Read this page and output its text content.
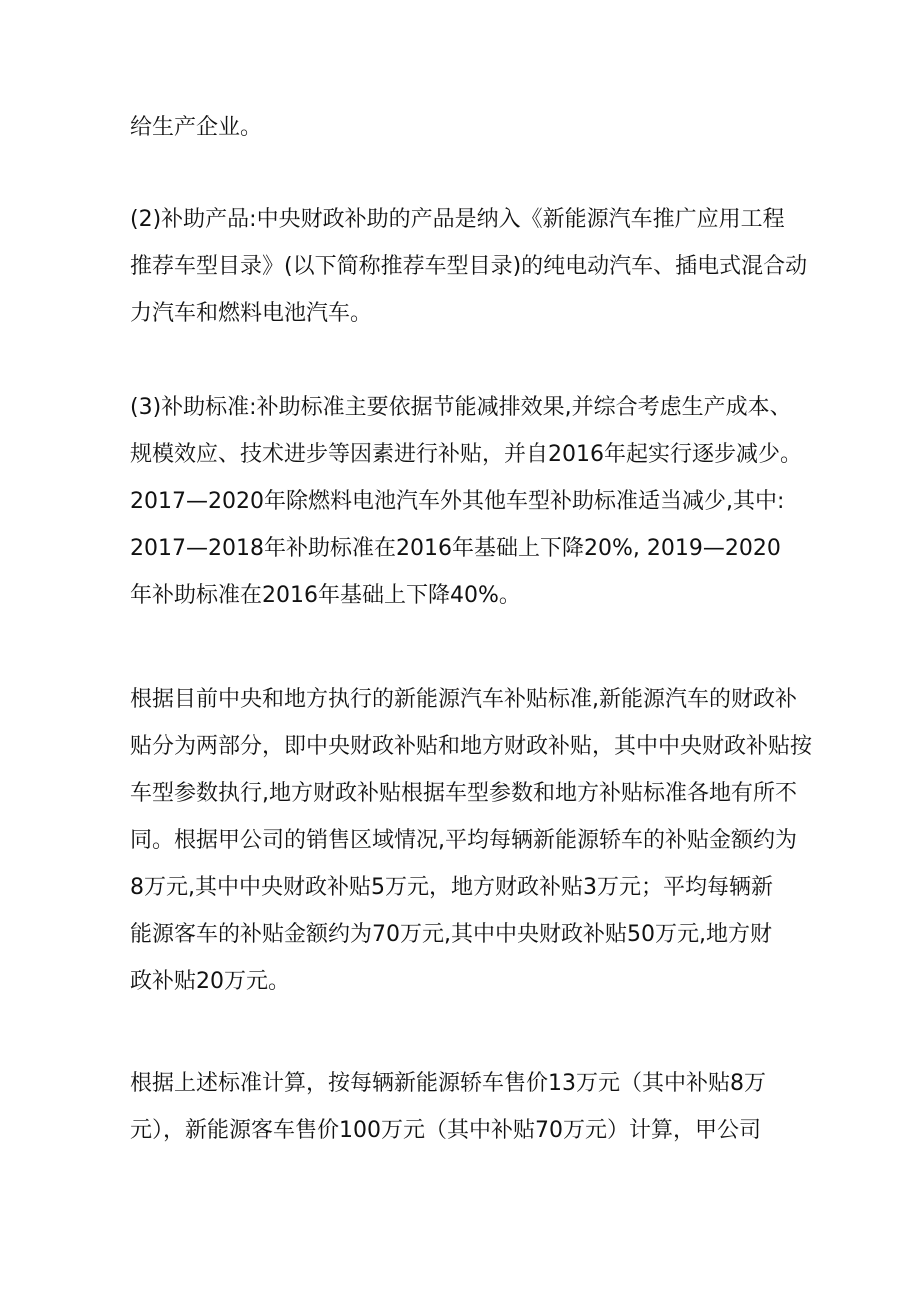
给生产企业。

(2)补助产品:中央财政补助的产品是纳入《新能源汽车推广应用工程
推荐车型目录》(以下简称推荐车型目录)的纯电动汽车、插电式混合动
力汽车和燃料电池汽车。

(3)补助标准:补助标准主要依据节能减排效果,并综合考虑生产成本、
规模效应、技术进步等因素进行补贴，并自2016年起实行逐步减少。
2017—2020年除燃料电池汽车外其他车型补助标准适当减少,其中:
2017—2018年补助标准在2016年基础上下降20%, 2019—2020
年补助标准在2016年基础上下降40%。

根据目前中央和地方执行的新能源汽车补贴标准,新能源汽车的财政补
贴分为两部分，即中央财政补贴和地方财政补贴，其中中央财政补贴按
车型参数执行,地方财政补贴根据车型参数和地方补贴标准各地有所不
同。根据甲公司的销售区域情况,平均每辆新能源轿车的补贴金额约为
8万元,其中中央财政补贴5万元，地方财政补贴3万元；平均每辆新
能源客车的补贴金额约为70万元,其中中央财政补贴50万元,地方财
政补贴20万元。

根据上述标准计算，按每辆新能源轿车售价13万元（其中补贴8万
元），新能源客车售价100万元（其中补贴70万元）计算，甲公司
